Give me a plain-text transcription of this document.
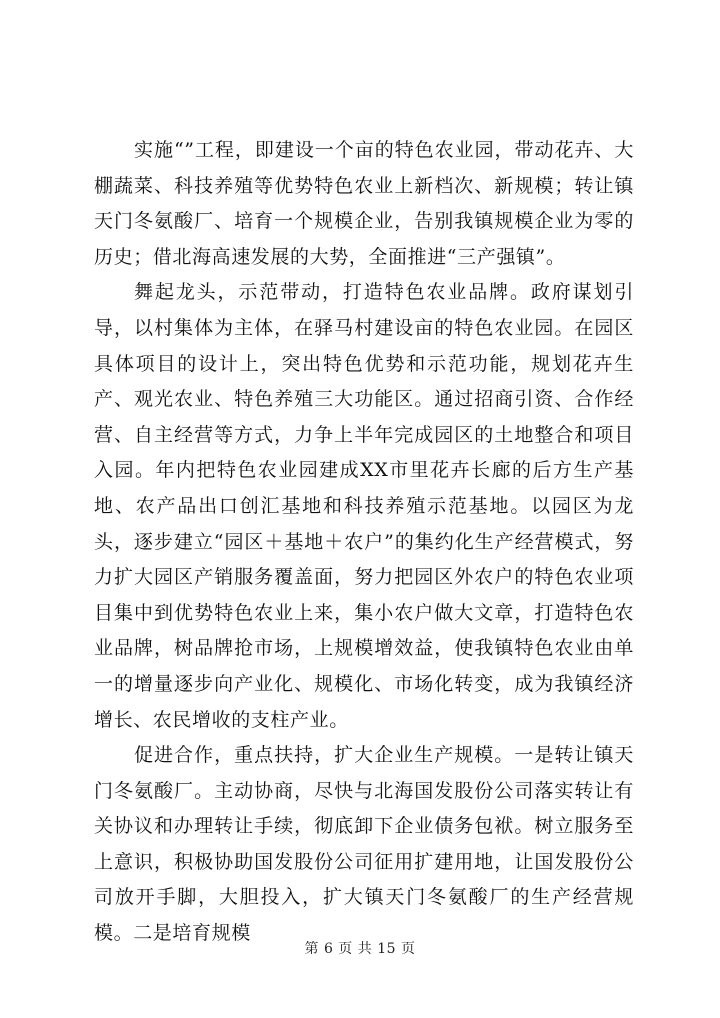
实施“”工程，即建设一个亩的特色农业园，带动花卉、大棚蔬菜、科技养殖等优势特色农业上新档次、新规模；转让镇天门冬氨酸厂、培育一个规模企业，告别我镇规模企业为零的历史；借北海高速发展的大势，全面推进“三产强镇”。

舞起龙头，示范带动，打造特色农业品牌。政府谋划引导，以村集体为主体，在驿马村建设亩的特色农业园。在园区具体项目的设计上，突出特色优势和示范功能，规划花卉生产、观光农业、特色养殖三大功能区。通过招商引资、合作经营、自主经营等方式，力争上半年完成园区的土地整合和项目入园。年内把特色农业园建成XX市里花卉长廊的后方生产基地、农产品出口创汇基地和科技养殖示范基地。以园区为龙头，逐步建立“园区＋基地＋农户”的集约化生产经营模式，努力扩大园区产销服务覆盖面，努力把园区外农户的特色农业项目集中到优势特色农业上来，集小农户做大文章，打造特色农业品牌，树品牌抢市场，上规模增效益，使我镇特色农业由单一的增量逐步向产业化、规模化、市场化转变，成为我镇经济增长、农民增收的支柱产业。

促进合作，重点扶持，扩大企业生产规模。一是转让镇天门冬氨酸厂。主动协商，尽快与北海国发股份公司落实转让有关协议和办理转让手续，彻底卸下企业债务包袱。树立服务至上意识，积极协助国发股份公司征用扩建用地，让国发股份公司放开手脚，大胆投入，扩大镇天门冬氨酸厂的生产经营规模。二是培育规模

第 6 页 共 15 页
